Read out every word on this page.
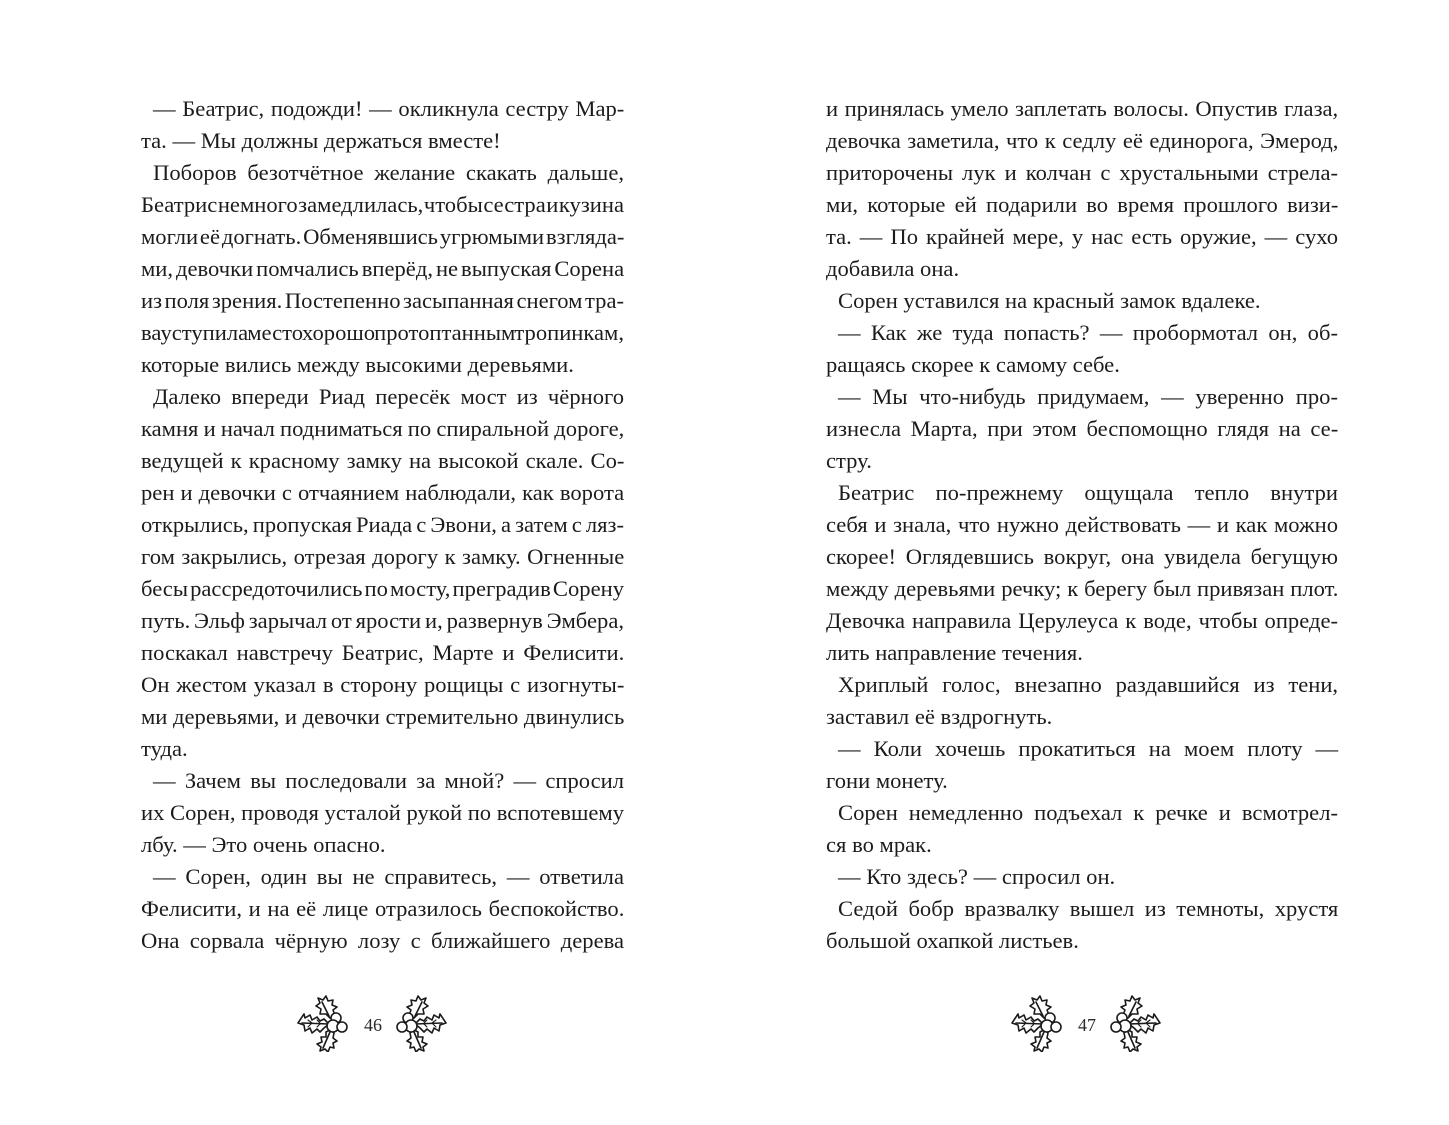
— Беатрис, подожди! — окликнула сестру Мар-
та. — Мы должны держаться вместе!
Поборов безотчётное желание скакать дальше,
Беатрис немного замедлилась, чтобы сестра и кузина
могли её догнать. Обменявшись угрюмыми взгляда-
ми, девочки помчались вперёд, не выпуская Сорена
из поля зрения. Постепенно засыпанная снегом тра-
ва уступила место хорошо протоптанным тропинкам,
которые вились между высокими деревьями.
Далеко впереди Риад пересёк мост из чёрного
камня и начал подниматься по спиральной дороге,
ведущей к красному замку на высокой скале. Со-
рен и девочки с отчаянием наблюдали, как ворота
открылись, пропуская Риада с Эвони, а затем с ляз-
гом закрылись, отрезая дорогу к замку. Огненные
бесы рассредоточились по мосту, преградив Сорену
путь. Эльф зарычал от ярости и, развернув Эмбера,
поскакал навстречу Беатрис, Марте и Фелисити.
Он жестом указал в сторону рощицы с изогнуты-
ми деревьями, и девочки стремительно двинулись
туда.
— Зачем вы последовали за мной? — спросил
их Сорен, проводя усталой рукой по вспотевшему
лбу. — Это очень опасно.
— Сорен, один вы не справитесь, — ответила
Фелисити, и на её лице отразилось беспокойство.
Она сорвала чёрную лозу с ближайшего дерева
46
и принялась умело заплетать волосы. Опустив глаза,
девочка заметила, что к седлу её единорога, Эмерод,
приторочены лук и колчан с хрустальными стрела-
ми, которые ей подарили во время прошлого визи-
та. — По крайней мере, у нас есть оружие, — сухо
добавила она.
Сорен уставился на красный замок вдалеке.
— Как же туда попасть? — пробормотал он, об-
ращаясь скорее к самому себе.
— Мы что-нибудь придумаем, — уверенно про-
изнесла Марта, при этом беспомощно глядя на се-
стру.
Беатрис по-прежнему ощущала тепло внутри
себя и знала, что нужно действовать — и как можно
скорее! Оглядевшись вокруг, она увидела бегущую
между деревьями речку; к берегу был привязан плот.
Девочка направила Церулеуса к воде, чтобы опреде-
лить направление течения.
Хриплый голос, внезапно раздавшийся из тени,
заставил её вздрогнуть.
— Коли хочешь прокатиться на моем плоту —
гони монету.
Сорен немедленно подъехал к речке и всмотрел-
ся во мрак.
— Кто здесь? — спросил он.
Седой бобр вразвалку вышел из темноты, хрустя
большой охапкой листьев.
47
